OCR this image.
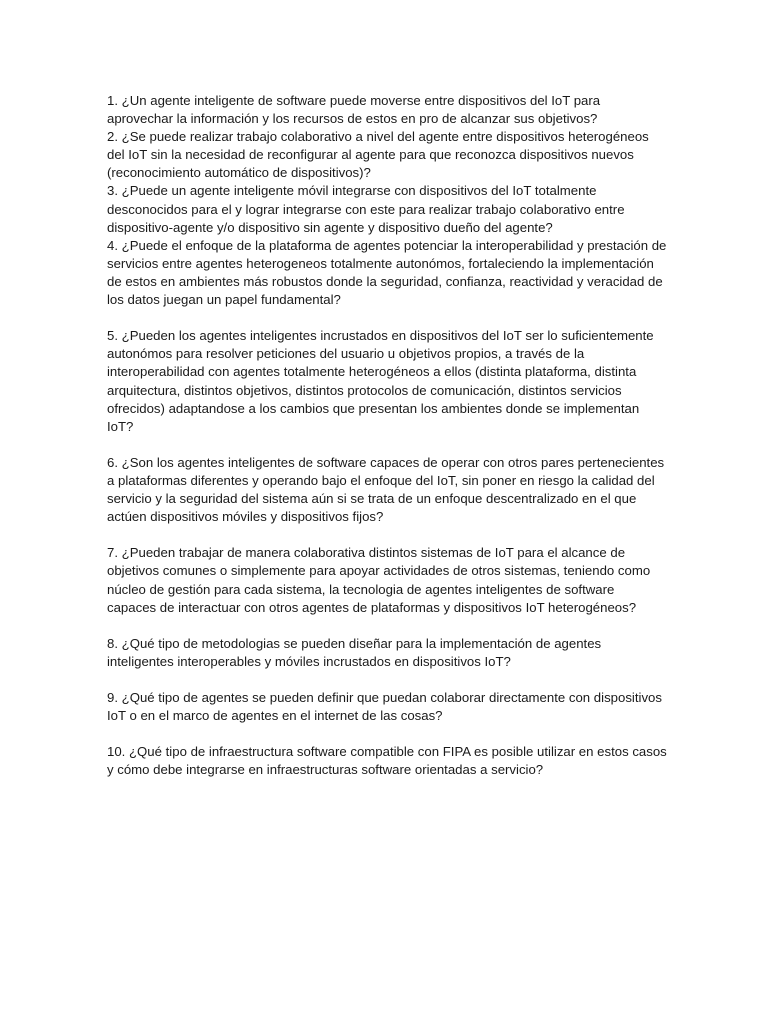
1. ¿Un agente inteligente de software puede moverse entre dispositivos del IoT para aprovechar la información y los recursos de estos en pro de alcanzar sus objetivos?

2. ¿Se puede realizar trabajo colaborativo a nivel del agente entre dispositivos heterogéneos del IoT sin la necesidad de reconfigurar al agente para que reconozca dispositivos nuevos (reconocimiento automático de dispositivos)?

3. ¿Puede un agente inteligente móvil integrarse con dispositivos del IoT totalmente desconocidos para el y lograr integrarse con este para realizar trabajo colaborativo entre dispositivo-agente y/o dispositivo sin agente y dispositivo dueño del agente?

4. ¿Puede el enfoque de la plataforma de agentes potenciar la interoperabilidad y prestación de servicios entre agentes heterogeneos totalmente autonómos, fortaleciendo la implementación de estos en ambientes más robustos donde la seguridad, confianza, reactividad y veracidad de los datos juegan un papel fundamental?

5. ¿Pueden los agentes inteligentes incrustados en dispositivos del IoT ser lo suficientemente autonómos para resolver peticiones del usuario u objetivos propios, a través de la interoperabilidad con agentes totalmente heterogéneos a ellos (distinta plataforma, distinta arquitectura, distintos objetivos, distintos protocolos de comunicación, distintos servicios ofrecidos) adaptandose a los cambios que presentan los ambientes donde se implementan IoT?

6. ¿Son los agentes inteligentes de software capaces de operar con otros pares pertenecientes a plataformas diferentes y operando bajo el enfoque del IoT, sin poner en riesgo la calidad del servicio y la seguridad del sistema aún si se trata de un enfoque descentralizado en el que actúen dispositivos móviles y dispositivos fijos?

7. ¿Pueden trabajar de manera colaborativa distintos sistemas de IoT para el alcance de objetivos comunes o simplemente para apoyar actividades de otros sistemas, teniendo como núcleo de gestión para cada sistema, la tecnologia de agentes inteligentes de software capaces de interactuar con otros agentes de plataformas y dispositivos IoT heterogéneos?

8. ¿Qué tipo de metodologias se pueden diseñar para la implementación de agentes inteligentes interoperables y móviles incrustados en dispositivos IoT?

9. ¿Qué tipo de agentes se pueden definir que puedan colaborar directamente con dispositivos IoT o en el marco de agentes en el internet de las cosas?

10. ¿Qué tipo de infraestructura software compatible con FIPA es posible utilizar en estos casos y cómo debe integrarse en infraestructuras software orientadas a servicio?
